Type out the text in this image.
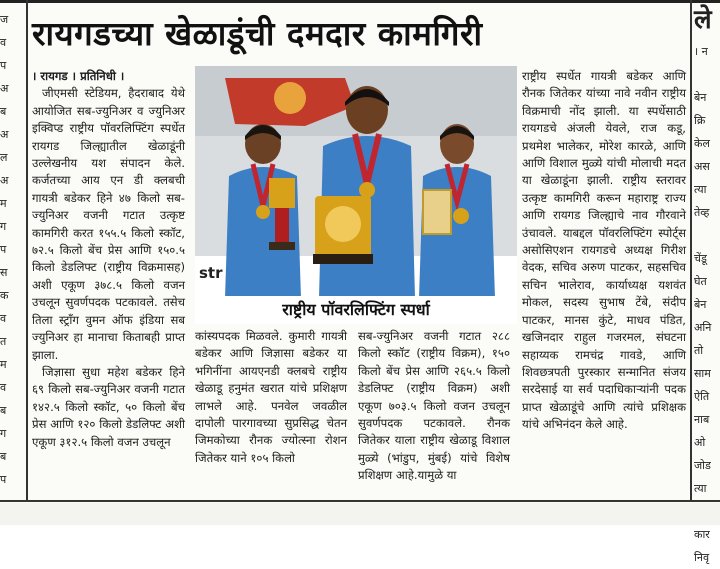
ज
व
प
अ
ब
अ
ल
अ
म
ग
प
स
क
व
त
म
व
ब
ग
ब
प
ले
। न

बेन
क्रि
केल
अस
त्या
तेव्ह

चेंडू
घेत
बेन
अनि
तो
साम
ऐति
नाब
ओ
जोड
त्या
कार
निवृ
रायगडच्या खेळाडूंची दमदार कामगिरी
। रायगड । प्रतिनिधी ।

जीएमसी स्टेडियम, हैदराबाद येथे आयोजित सब-ज्युनिअर व ज्युनिअर इक्विप्ड राष्ट्रीय पॉवरलिफ्टिंग स्पर्धेत रायगड जिल्ह्यातील खेळाडूंनी उल्लेखनीय यश संपादन केले. कर्जतच्या आय एन डी क्लबची गायत्री बडेकर हिने ४७ किलो सब-ज्युनिअर वजनी गटात उत्कृष्ट कामगिरी करत १५५.५ किलो स्कॉट, ७२.५ किलो बेंच प्रेस आणि १५०.५ किलो डेडलिफ्ट (राष्ट्रीय विक्रमासह) अशी एकूण ३७८.५ किलो वजन उचलून सुवर्णपदक पटकावले. तसेच तिला स्ट्रॉंग वुमन ऑफ इंडिया सब ज्युनिअर हा मानाचा किताबही प्राप्त झाला.

जिज्ञासा सुधा महेश बडेकर हिने ६९ किलो सब-ज्युनिअर वजनी गटात १४२.५ किलो स्कॉट, ५० किलो बेंच प्रेस आणि १२० किलो डेडलिफ्ट अशी एकूण ३१२.५ किलो वजन उचलून

str
राष्ट्रीय पॉवरलिफ्टिंग स्पर्धा

कांस्यपदक मिळवले. कुमारी गायत्री बडेकर आणि जिज्ञासा बडेकर या भगिनींना आयएनडी क्लबचे राष्ट्रीय खेळाडू हनुमंत खरात यांचे प्रशिक्षण लाभले आहे. पनवेल जवळील दापोली पारगावच्या सुप्रसिद्ध चेतन जिमकोच्या रौनक ज्योत्स्ना रोशन जितेकर याने १०५ किलो

सब-ज्युनिअर वजनी गटात २८८ किलो स्कॉट (राष्ट्रीय विक्रम), १५० किलो बेंच प्रेस आणि २६५.५ किलो डेडलिफ्ट (राष्ट्रीय विक्रम) अशी एकूण ७०३.५ किलो वजन उचलून सुवर्णपदक पटकावले. रौनक जितेकर याला राष्ट्रीय खेळाडू विशाल मुळ्ये (भांडुप, मुंबई) यांचे विशेष प्रशिक्षण आहे.यामुळे या

राष्ट्रीय स्पर्धेत गायत्री बडेकर आणि रौनक जितेकर यांच्या नावे नवीन राष्ट्रीय विक्रमाची नोंद झाली. या स्पर्धेसाठी रायगडचे अंजली येवले, राज कडू, प्रथमेश भालेकर, मोरेश कारळे, आणि आणि विशाल मुळ्ये यांची मोलाची मदत या खेळाडूंना झाली. राष्ट्रीय स्तरावर उत्कृष्ट कामगिरी करून महाराष्ट्र राज्य आणि रायगड जिल्ह्याचे नाव गौरवाने उंचावले. याबद्दल पॉवरलिफ्टिंग स्पोर्ट्स असोसिएशन रायगडचे अध्यक्ष गिरीश वेदक, सचिव अरुण पाटकर, सहसचिव सचिन भालेराव, कार्याध्यक्ष यशवंत मोकल, सदस्य सुभाष टेंबे, संदीप पाटकर, मानस कुंटे, माधव पंडित, खजिनदार राहुल गजरमल, संघटना सहाय्यक रामचंद्र गावडे, आणि शिवछत्रपती पुरस्कार सन्मानित संजय सरदेसाई या सर्व पदाधिकाऱ्यांनी पदक प्राप्त खेळाडूंचे आणि त्यांचे प्रशिक्षक यांचे अभिनंदन केले आहे.
